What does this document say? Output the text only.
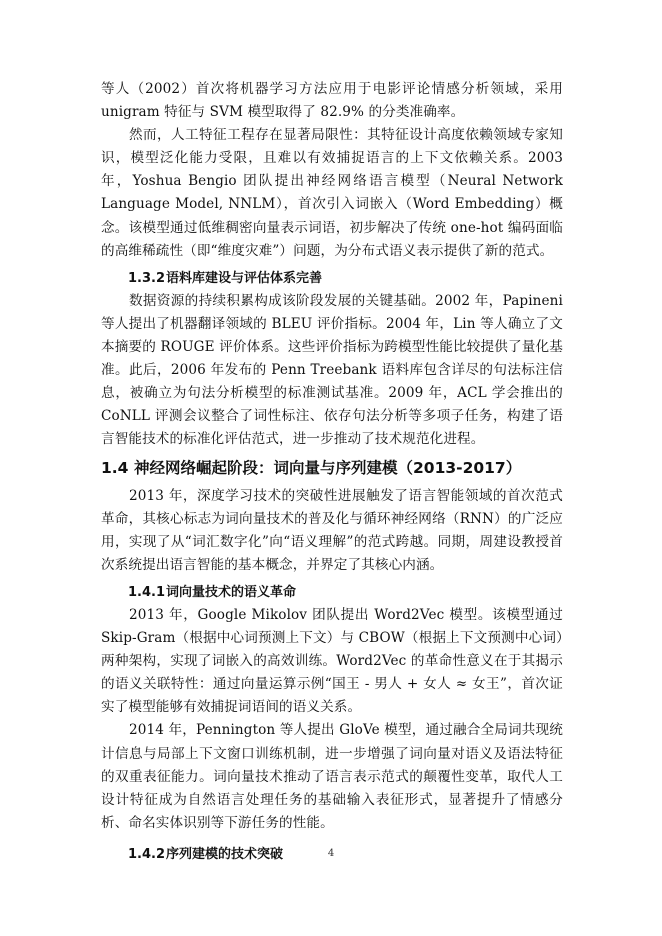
等人（2002）首次将机器学习方法应用于电影评论情感分析领域，采用 unigram 特征与 SVM 模型取得了 82.9% 的分类准确率。

然而，人工特征工程存在显著局限性：其特征设计高度依赖领域专家知识，模型泛化能力受限，且难以有效捕捉语言的上下文依赖关系。2003 年，Yoshua Bengio 团队提出神经网络语言模型（Neural Network Language Model, NNLM），首次引入词嵌入（Word Embedding）概念。该模型通过低维稠密向量表示词语，初步解决了传统 one-hot 编码面临的高维稀疏性（即“维度灾难”）问题，为分布式语义表示提供了新的范式。

1.3.2语料库建设与评估体系完善

数据资源的持续积累构成该阶段发展的关键基础。2002 年，Papineni 等人提出了机器翻译领域的 BLEU 评价指标。2004 年，Lin 等人确立了文本摘要的 ROUGE 评价体系。这些评价指标为跨模型性能比较提供了量化基准。此后，2006 年发布的 Penn Treebank 语料库包含详尽的句法标注信息，被确立为句法分析模型的标准测试基准。2009 年，ACL 学会推出的 CoNLL 评测会议整合了词性标注、依存句法分析等多项子任务，构建了语言智能技术的标准化评估范式，进一步推动了技术规范化进程。

1.4 神经网络崛起阶段：词向量与序列建模（2013-2017）

2013 年，深度学习技术的突破性进展触发了语言智能领域的首次范式革命，其核心标志为词向量技术的普及化与循环神经网络（RNN）的广泛应用，实现了从“词汇数字化”向“语义理解”的范式跨越。同期，周建设教授首次系统提出语言智能的基本概念，并界定了其核心内涵。

1.4.1词向量技术的语义革命

2013 年，Google Mikolov 团队提出 Word2Vec 模型。该模型通过 Skip-Gram（根据中心词预测上下文）与 CBOW（根据上下文预测中心词）两种架构，实现了词嵌入的高效训练。Word2Vec 的革命性意义在于其揭示的语义关联特性：通过向量运算示例“国王 - 男人 + 女人 ≈ 女王”，首次证实了模型能够有效捕捉词语间的语义关系。

2014 年，Pennington 等人提出 GloVe 模型，通过融合全局词共现统计信息与局部上下文窗口训练机制，进一步增强了词向量对语义及语法特征的双重表征能力。词向量技术推动了语言表示范式的颠覆性变革，取代人工设计特征成为自然语言处理任务的基础输入表征形式，显著提升了情感分析、命名实体识别等下游任务的性能。

1.4.2序列建模的技术突破	4
